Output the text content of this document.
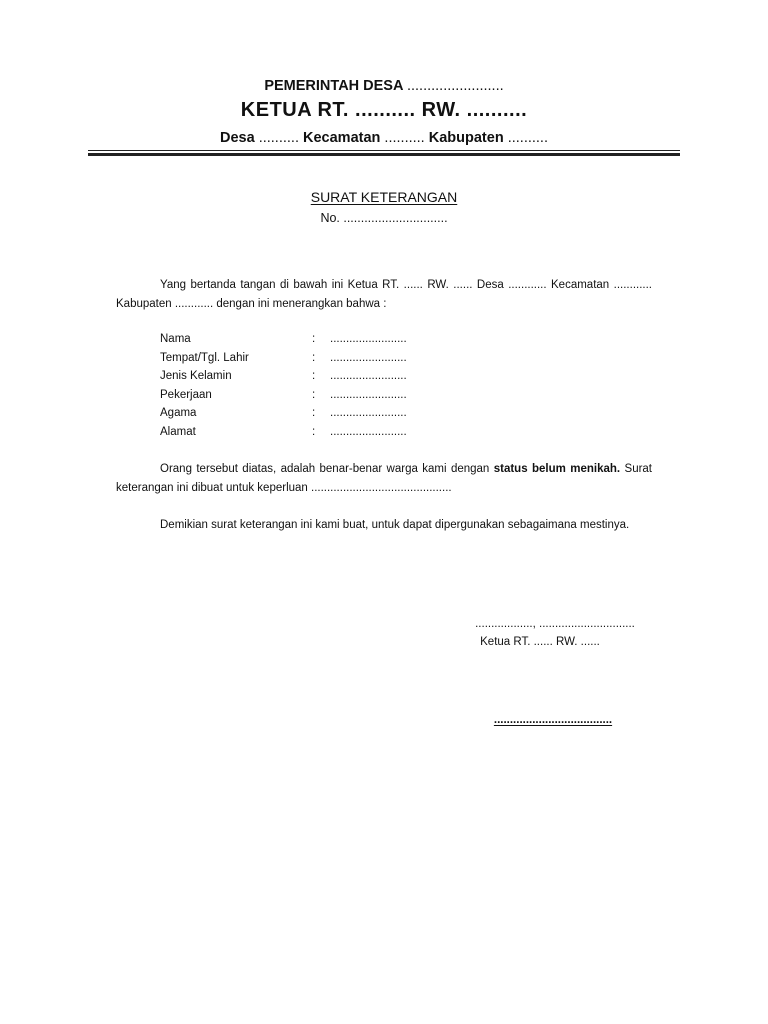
PEMERINTAH DESA ........................
KETUA RT. .......... RW. ..........
Desa .......... Kecamatan .......... Kabupaten ..........
SURAT KETERANGAN
No. ..............................
Yang bertanda tangan di bawah ini Ketua RT. ...... RW. ...... Desa ............ Kecamatan ............ Kabupaten ............ dengan ini menerangkan bahwa :
Nama	:	........................
Tempat/Tgl. Lahir	:	........................
Jenis Kelamin	:	........................
Pekerjaan	:	........................
Agama	:	........................
Alamat	:	........................
Orang tersebut diatas, adalah benar-benar warga kami dengan status belum menikah. Surat keterangan ini dibuat untuk keperluan ............................................
Demikian surat keterangan ini kami buat, untuk dapat dipergunakan sebagaimana mestinya.
.................., ..............................
Ketua RT. ...... RW. ......
.....................................
